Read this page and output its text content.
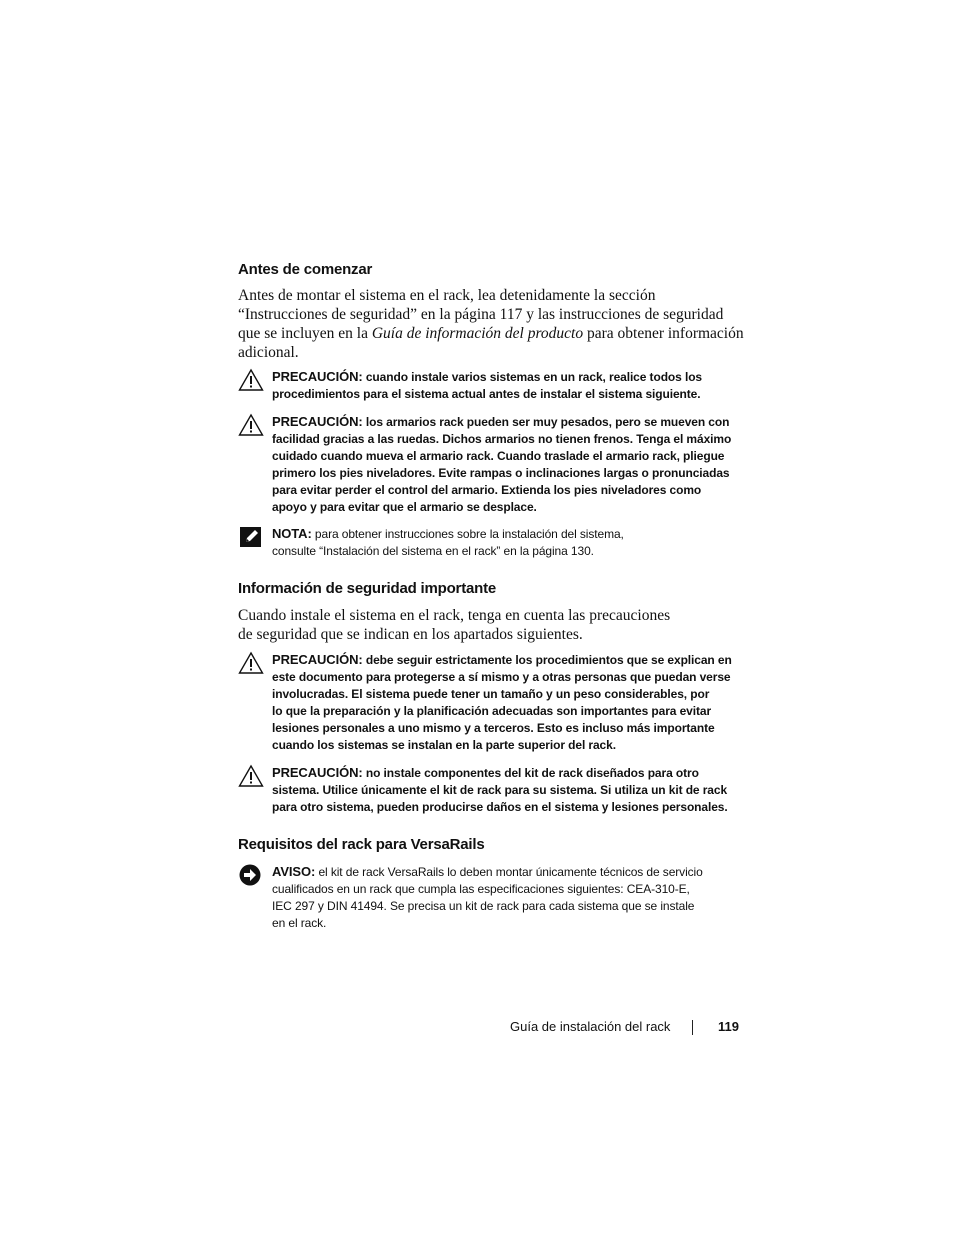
Antes de comenzar
Antes de montar el sistema en el rack, lea detenidamente la sección
“Instrucciones de seguridad” en la página 117 y las instrucciones de seguridad
que se incluyen en la Guía de información del producto para obtener información
adicional.
PRECAUCIÓN: cuando instale varios sistemas en un rack, realice todos los
procedimientos para el sistema actual antes de instalar el sistema siguiente.
PRECAUCIÓN: los armarios rack pueden ser muy pesados, pero se mueven con
facilidad gracias a las ruedas. Dichos armarios no tienen frenos. Tenga el máximo
cuidado cuando mueva el armario rack. Cuando traslade el armario rack, pliegue
primero los pies niveladores. Evite rampas o inclinaciones largas o pronunciadas
para evitar perder el control del armario. Extienda los pies niveladores como
apoyo y para evitar que el armario se desplace.
NOTA: para obtener instrucciones sobre la instalación del sistema,
consulte “Instalación del sistema en el rack” en la página 130.
Información de seguridad importante
Cuando instale el sistema en el rack, tenga en cuenta las precauciones
de seguridad que se indican en los apartados siguientes.
PRECAUCIÓN: debe seguir estrictamente los procedimientos que se explican en
este documento para protegerse a sí mismo y a otras personas que puedan verse
involucradas. El sistema puede tener un tamaño y un peso considerables, por
lo que la preparación y la planificación adecuadas son importantes para evitar
lesiones personales a uno mismo y a terceros. Esto es incluso más importante
cuando los sistemas se instalan en la parte superior del rack.
PRECAUCIÓN: no instale componentes del kit de rack diseñados para otro
sistema. Utilice únicamente el kit de rack para su sistema. Si utiliza un kit de rack
para otro sistema, pueden producirse daños en el sistema y lesiones personales.
Requisitos del rack para VersaRails
AVISO: el kit de rack VersaRails lo deben montar únicamente técnicos de servicio
cualificados en un rack que cumpla las especificaciones siguientes: CEA-310-E,
IEC 297 y DIN 41494. Se precisa un kit de rack para cada sistema que se instale
en el rack.
Guía de instalación del rack	119
